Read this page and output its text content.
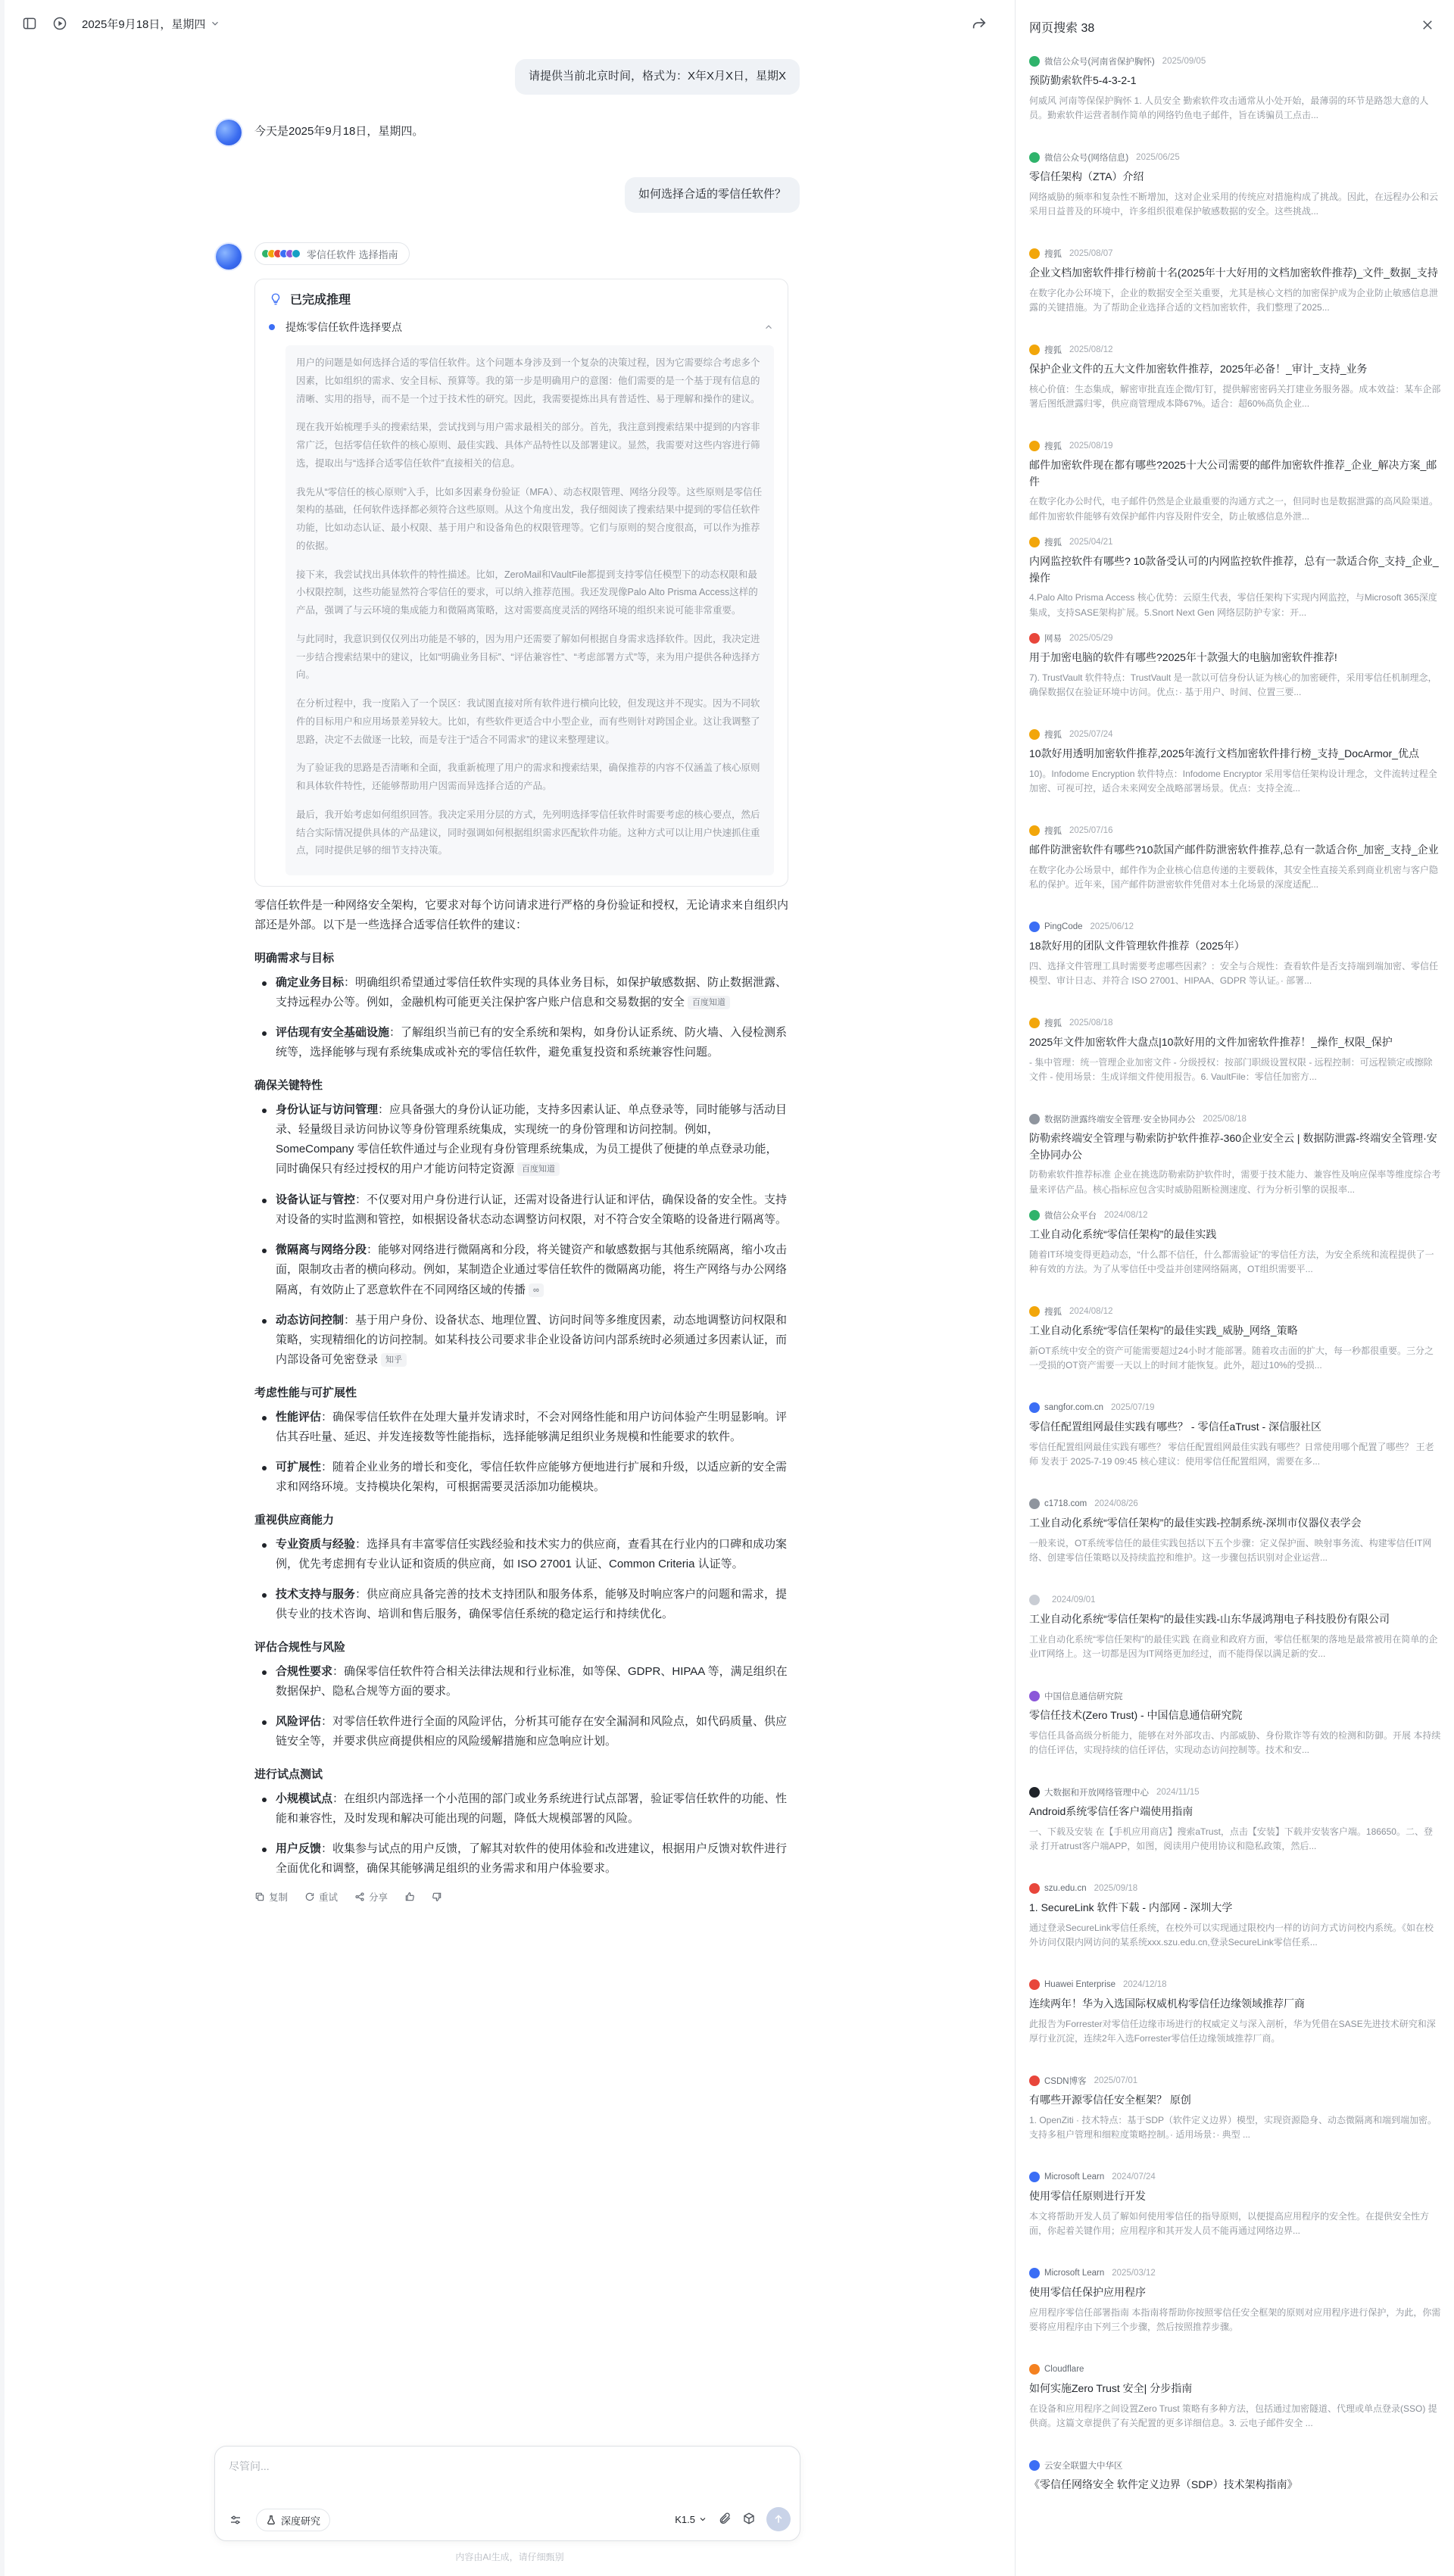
2025年9月18日，星期四
请提供当前北京时间，格式为：X年X月X日，星期X
今天是2025年9月18日，星期四。
如何选择合适的零信任软件？
零信任软件 选择指南
已完成推理
提炼零信任软件选择要点

用户的问题是如何选择合适的零信任软件。这个问题本身涉及到一个复杂的决策过程，因为它需要综合考虑多个因素，比如组织的需求、安全目标、预算等。我的第一步是明确用户的意图：他们需要的是一个基于现有信息的清晰、实用的指导，而不是一个过于技术性的研究。因此，我需要提炼出具有普适性、易于理解和操作的建议。

现在我开始梳理手头的搜索结果，尝试找到与用户需求最相关的部分。首先，我注意到搜索结果中提到的内容非常广泛，包括零信任软件的核心原则、最佳实践、具体产品特性以及部署建议。显然，我需要对这些内容进行筛选，提取出与“选择合适零信任软件”直接相关的信息。

我先从“零信任的核心原则”入手，比如多因素身份验证（MFA）、动态权限管理、网络分段等。这些原则是零信任架构的基础，任何软件选择都必须符合这些原则。从这个角度出发，我仔细阅读了搜索结果中提到的零信任软件功能，比如动态认证、最小权限、基于用户和设备角色的权限管理等。它们与原则的契合度很高，可以作为推荐的依据。

接下来，我尝试找出具体软件的特性描述。比如，ZeroMail和VaultFile都提到支持零信任模型下的动态权限和最小权限控制，这些功能显然符合零信任的要求，可以纳入推荐范围。我还发现像Palo Alto Prisma Access这样的产品，强调了与云环境的集成能力和微隔离策略，这对需要高度灵活的网络环境的组织来说可能非常重要。

与此同时，我意识到仅仅列出功能是不够的，因为用户还需要了解如何根据自身需求选择软件。因此，我决定进一步结合搜索结果中的建议，比如“明确业务目标”、“评估兼容性”、“考虑部署方式”等，来为用户提供各种选择方向。

在分析过程中，我一度陷入了一个误区：我试图直接对所有软件进行横向比较，但发现这并不现实。因为不同软件的目标用户和应用场景差异较大。比如，有些软件更适合中小型企业，而有些则针对跨国企业。这让我调整了思路，决定不去做逐一比较，而是专注于“适合不同需求”的建议来整理建议。

为了验证我的思路是否清晰和全面，我重新梳理了用户的需求和搜索结果，确保推荐的内容不仅涵盖了核心原则和具体软件特性，还能够帮助用户因需而异选择合适的产品。

最后，我开始考虑如何组织回答。我决定采用分层的方式，先列明选择零信任软件时需要考虑的核心要点，然后结合实际情况提供具体的产品建议，同时强调如何根据组织需求匹配软件功能。这种方式可以让用户快速抓住重点，同时提供足够的细节支持决策。

零信任软件是一种网络安全架构，它要求对每个访问请求进行严格的身份验证和授权，无论请求来自组织内部还是外部。以下是一些选择合适零信任软件的建议：

明确需求与目标
确定业务目标：明确组织希望通过零信任软件实现的具体业务目标，如保护敏感数据、防止数据泄露、支持远程办公等。例如，金融机构可能更关注保护客户账户信息和交易数据的安全 百度知道
评估现有安全基础设施：了解组织当前已有的安全系统和架构，如身份认证系统、防火墙、入侵检测系统等，选择能够与现有系统集成或补充的零信任软件，避免重复投资和系统兼容性问题。
确保关键特性
身份认证与访问管理：应具备强大的身份认证功能，支持多因素认证、单点登录等，同时能够与活动目录、轻量级目录访问协议等身份管理系统集成，实现统一的身份管理和访问控制。例如，SomeCompany 零信任软件通过与企业现有身份管理系统集成，为员工提供了便捷的单点登录功能，同时确保只有经过授权的用户才能访问特定资源 百度知道
设备认证与管控：不仅要对用户身份进行认证，还需对设备进行认证和评估，确保设备的安全性。支持对设备的实时监测和管控，如根据设备状态动态调整访问权限，对不符合安全策略的设备进行隔离等。
微隔离与网络分段：能够对网络进行微隔离和分段，将关键资产和敏感数据与其他系统隔离，缩小攻击面，限制攻击者的横向移动。例如，某制造企业通过零信任软件的微隔离功能，将生产网络与办公网络隔离，有效防止了恶意软件在不同网络区域的传播 ∞
动态访问控制：基于用户身份、设备状态、地理位置、访问时间等多维度因素，动态地调整访问权限和策略，实现精细化的访问控制。如某科技公司要求非企业设备访问内部系统时必须通过多因素认证，而内部设备可免密登录 知乎
考虑性能与可扩展性
性能评估：确保零信任软件在处理大量并发请求时，不会对网络性能和用户访问体验产生明显影响。评估其吞吐量、延迟、并发连接数等性能指标，选择能够满足组织业务规模和性能要求的软件。
可扩展性：随着企业业务的增长和变化，零信任软件应能够方便地进行扩展和升级，以适应新的安全需求和网络环境。支持模块化架构，可根据需要灵活添加功能模块。
重视供应商能力
专业资质与经验：选择具有丰富零信任实践经验和技术实力的供应商，查看其在行业内的口碑和成功案例，优先考虑拥有专业认证和资质的供应商，如 ISO 27001 认证、Common Criteria 认证等。
技术支持与服务：供应商应具备完善的技术支持团队和服务体系，能够及时响应客户的问题和需求，提供专业的技术咨询、培训和售后服务，确保零信任系统的稳定运行和持续优化。
评估合规性与风险
合规性要求：确保零信任软件符合相关法律法规和行业标准，如等保、GDPR、HIPAA 等，满足组织在数据保护、隐私合规等方面的要求。
风险评估：对零信任软件进行全面的风险评估，分析其可能存在安全漏洞和风险点，如代码质量、供应链安全等，并要求供应商提供相应的风险缓解措施和应急响应计划。
进行试点测试
小规模试点：在组织内部选择一个小范围的部门或业务系统进行试点部署，验证零信任软件的功能、性能和兼容性，及时发现和解决可能出现的问题，降低大规模部署的风险。
用户反馈：收集参与试点的用户反馈，了解其对软件的使用体验和改进建议，根据用户反馈对软件进行全面优化和调整，确保其能够满足组织的业务需求和用户体验要求。
复制	重试	分享
尽管问...
深度研究	K1.5
内容由AI生成，请仔细甄别
网页搜索 38
微信公众号(河南省保护胸怀) 2025/09/05
预防勤索软件5-4-3-2-1
何威风 河南等保保护胸怀 1. 人员安全 勤索软件攻击通常从小处开始，最薄弱的环节是路怨大意的人员。勤索软件运营者制作简单的网络钓鱼电子邮件，旨在诱骗员工点击...
微信公众号(网络信息) 2025/06/25
零信任架构（ZTA）介绍
网络威胁的频率和复杂性不断增加，这对企业采用的传统应对措施构成了挑战。因此，在远程办公和云采用日益普及的环境中，许多组织很难保护敏感数据的安全。这些挑战...
搜狐 2025/08/07
企业文档加密软件排行榜前十名(2025年十大好用的文档加密软件推荐)_文件_数据_支持
在数字化办公环境下，企业的数据安全至关重要，尤其是核心文档的加密保护成为企业防止敏感信息泄露的关键措施。为了帮助企业选择合适的文档加密软件，我们整理了2025...
搜狐 2025/08/12
保护企业文件的五大文件加密软件推荐，2025年必备！_审计_支持_业务
核心价值：生态集成，解密审批直连企微/钉钉，提供解密密码关打建业务服务器。成本效益：某车企部署后图纸泄露归零，供应商管理成本降67%。适合：超60%高负企业...
搜狐 2025/08/19
邮件加密软件现在都有哪些?2025十大公司需要的邮件加密软件推荐_企业_解决方案_邮件
在数字化办公时代，电子邮件仍然是企业最重要的沟通方式之一，但同时也是数据泄露的高风险渠道。邮件加密软件能够有效保护邮件内容及附件安全，防止敏感信息外泄...
搜狐 2025/04/21
内网监控软件有哪些? 10款备受认可的内网监控软件推荐，总有一款适合你_支持_企业_操作
4.Palo Alto Prisma Access 核心优势：云原生代表，零信任架构下实现内网监控，与Microsoft 365深度集成，支持SASE架构扩展。5.Snort Next Gen 网络层防护专家：开...
网易 2025/05/29
用于加密电脑的软件有哪些?2025年十款强大的电脑加密软件推荐!
7). TrustVault 软件特点：TrustVault 是一款以可信身份认证为核心的加密硬件，采用零信任机制理念，确保数据仅在验证环境中访问。优点：· 基于用户、时间、位置三要...
搜狐 2025/07/24
10款好用透明加密软件推荐,2025年流行文档加密软件排行榜_支持_DocArmor_优点
10)。Infodome Encryption 软件特点：Infodome Encryptor 采用零信任架构设计理念，文件流转过程全加密、可视可控，适合未来网安全战略部署场景。优点：支持全流...
搜狐 2025/07/16
邮件防泄密软件有哪些?10款国产邮件防泄密软件推荐,总有一款适合你_加密_支持_企业
在数字化办公场景中，邮件作为企业核心信息传递的主要载体，其安全性直接关系到商业机密与客户隐私的保护。近年来，国产邮件防泄密软件凭借对本土化场景的深度适配...
PingCode 2025/06/12
18款好用的团队文件管理软件推荐（2025年）
四、选择文件管理工具时需要考虑哪些因素？：安全与合规性：查看软件是否支持端到端加密、零信任模型、审计日志、并符合 ISO 27001、HIPAA、GDPR 等认证。· 部署...
搜狐 2025/08/18
2025年文件加密软件大盘点|10款好用的文件加密软件推荐！_操作_权限_保护
- 集中管理：统一管理企业加密文件 - 分级授权：按部门职级设置权限 - 远程控制：可远程锁定或擦除文件 - 使用场景：生成详细文件使用报告。6. VaultFile：零信任加密方...
数据防泄露终端安全管理·安全协同办公 2025/08/18
防勒索终端安全管理与勒索防护软件推荐-360企业安全云 | 数据防泄露-终端安全管理·安全协同办公
防勒索软件推荐标准 企业在挑选防勒索防护软件时，需要于技术能力、兼容性及响应保率等维度综合考量来评估产品。核心指标应包含实时威胁阻断检测速度、行为分析引擎的误报率...
微信公众平台 2024/08/12
工业自动化系统“零信任架构”的最佳实践
随着IT环境变得更趋动态，“什么都不信任，什么都需验证”的零信任方法，为安全系统和流程提供了一种有效的方法。为了从零信任中受益并创建网络隔离，OT组织需要平...
搜狐 2024/08/12
工业自动化系统“零信任架构”的最佳实践_威胁_网络_策略
新OT系统中安全的资产可能需要超过24小时才能部署。随着攻击面的扩大，每一秒都很重要。三分之一受损的OT资产需要一天以上的时间才能恢复。此外，超过10%的受损...
sangfor.com.cn 2025/07/19
零信任配置组网最佳实践有哪些？ - 零信任aTrust - 深信服社区
零信任配置组网最佳实践有哪些？ 零信任配置组网最佳实践有哪些？日常使用哪个配置了哪些？ 王老师 发表于 2025-7-19 09:45 核心建议：使用零信任配置组网，需要在多...
c1718.com 2024/08/26
工业自动化系统“零信任架构”的最佳实践-控制系统-深圳市仪器仪表学会
一般来说，OT系统零信任的最佳实践包括以下五个步骤：定义保护面、映射事务流、构建零信任IT网络、创建零信任策略以及持续监控和维护。这一步骤包括识别对企业运营...
2024/09/01
工业自动化系统“零信任架构”的最佳实践-山东华晟鸿翔电子科技股份有限公司
工业自动化系统“零信任架构”的最佳实践 在商业和政府方面，零信任框架的落地是最常被用在简单的企业IT网络上。这一切都是因为IT网络更加经过，而不能得保以满足新的安...
中国信息通信研究院
零信任技术(Zero Trust) - 中国信息通信研究院
零信任具备高级分析能力，能够在对外部攻击、内部威胁、身份欺诈等有效的检测和防御。开展 本持续的信任评估，实现持续的信任评估，实现动态访问控制等。技术和安...
大数据和开放网络管理中心 2024/11/15
Android系统零信任客户端使用指南
一、下载及安装 在【手机应用商店】搜索aTrust，点击【安装】下载并安装客户端。186650。二、登录 打开atrust客户端APP，如图，阅读用户使用协议和隐私政策，然后...
szu.edu.cn 2025/09/18
1. SecureLink 软件下载 - 内部网 - 深圳大学
通过登录SecureLink零信任系统，在校外可以实现通过限校内一样的访问方式访问校内系统。《如在校外访问仅限内网访问的某系统xxx.szu.edu.cn,登录SecureLink零信任系...
Huawei Enterprise 2024/12/18
连续两年！华为入选国际权威机构零信任边缘领域推荐厂商
此报告为Forrester对零信任边缘市场进行的权威定义与深入剖析，华为凭借在SASE先进技术研究和深厚行业沉淀，连续2年入选Forrester零信任边缘领域推荐厂商。
CSDN博客 2025/07/01
有哪些开源零信任安全框架？ 原创
1. OpenZiti · 技术特点：基于SDP（软件定义边界）模型，实现资源隐身、动态微隔离和端到端加密。支持多租户管理和细粒度策略控制。· 适用场景：· 典型 ...
Microsoft Learn 2024/07/24
使用零信任原则进行开发
本文将帮助开发人员了解如何使用零信任的指导原则，以便提高应用程序的安全性。在提供安全性方面，你起着关键作用；应用程序和其开发人员不能再通过网络边界...
Microsoft Learn 2025/03/12
使用零信任保护应用程序
应用程序零信任部署指南 本指南将帮助你按照零信任安全框架的原则对应用程序进行保护，为此，你需要将应用程序由下列三个步骤，然后按照推荐步骤。
Cloudflare
如何实施Zero Trust 安全| 分步指南
在设备和应用程序之间设置Zero Trust 策略有多种方法，包括通过加密隧道、代理或单点登录(SSO) 提供商。这篇文章提供了有关配置的更多详细信息。3. 云电子邮件安全 ...
云安全联盟大中华区
《零信任网络安全 软件定义边界（SDP）技术架构指南》
